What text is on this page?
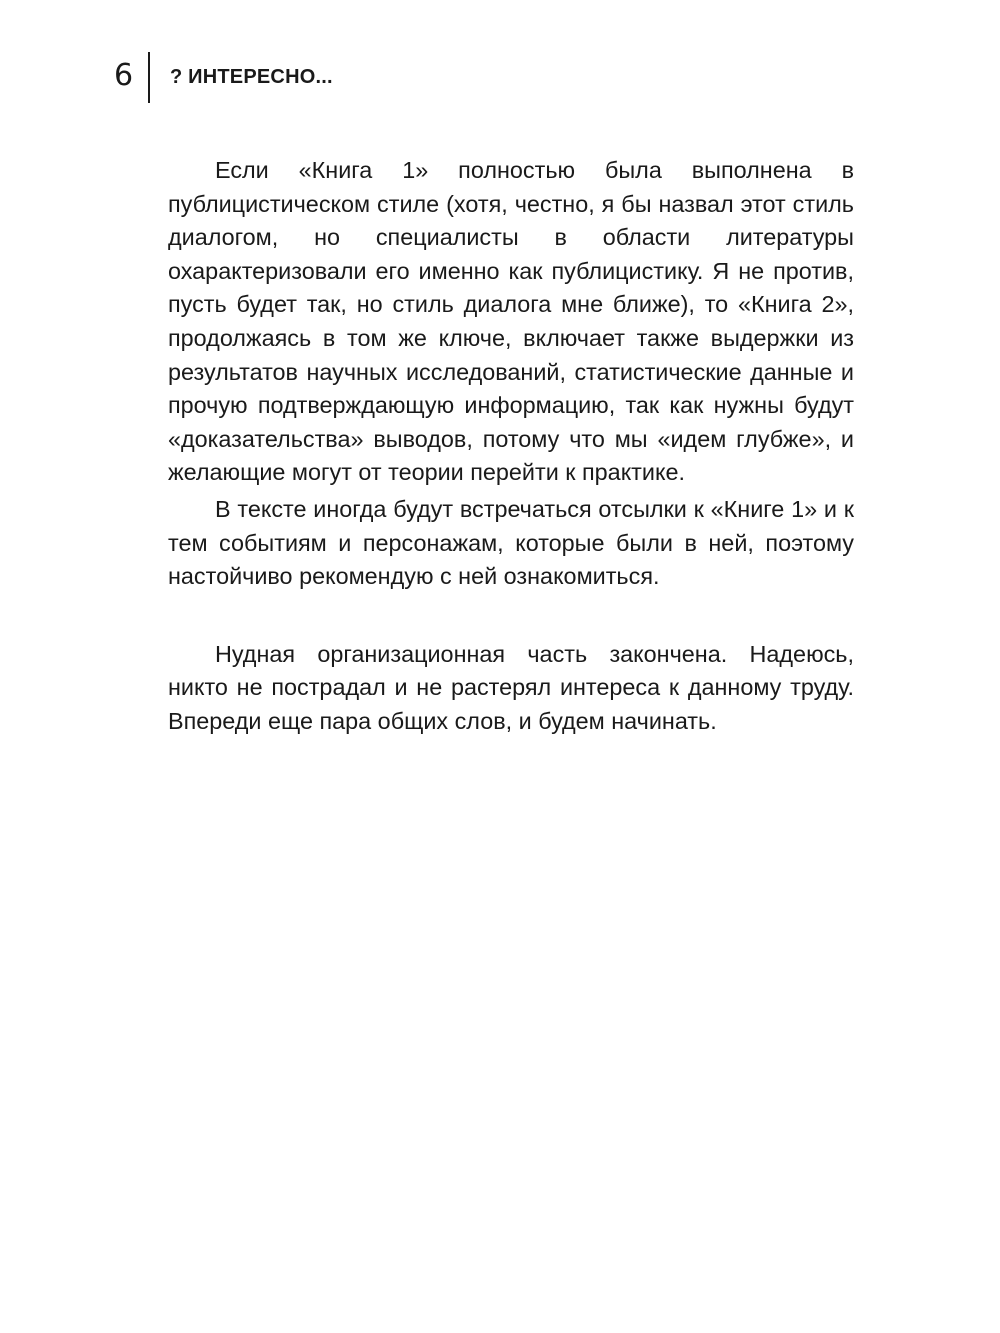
6 ? ИНТЕРЕСНО...

Если «Книга 1» полностью была выполнена в публицистическом стиле (хотя, честно, я бы назвал этот стиль диалогом, но специалисты в области литературы охарактеризовали его именно как публицистику. Я не против, пусть будет так, но стиль диалога мне ближе), то «Книга 2», продолжаясь в том же ключе, включает также выдержки из результатов научных исследований, статистические данные и прочую подтверждающую информацию, так как нужны будут «доказательства» выводов, потому что мы «идем глубже», и желающие могут от теории перейти к практике.

В тексте иногда будут встречаться отсылки к «Книге 1» и к тем событиям и персонажам, которые были в ней, поэтому настойчиво рекомендую с ней ознакомиться.

Нудная организационная часть закончена. Надеюсь, никто не пострадал и не растерял интереса к данному труду. Впереди еще пара общих слов, и будем начинать.
